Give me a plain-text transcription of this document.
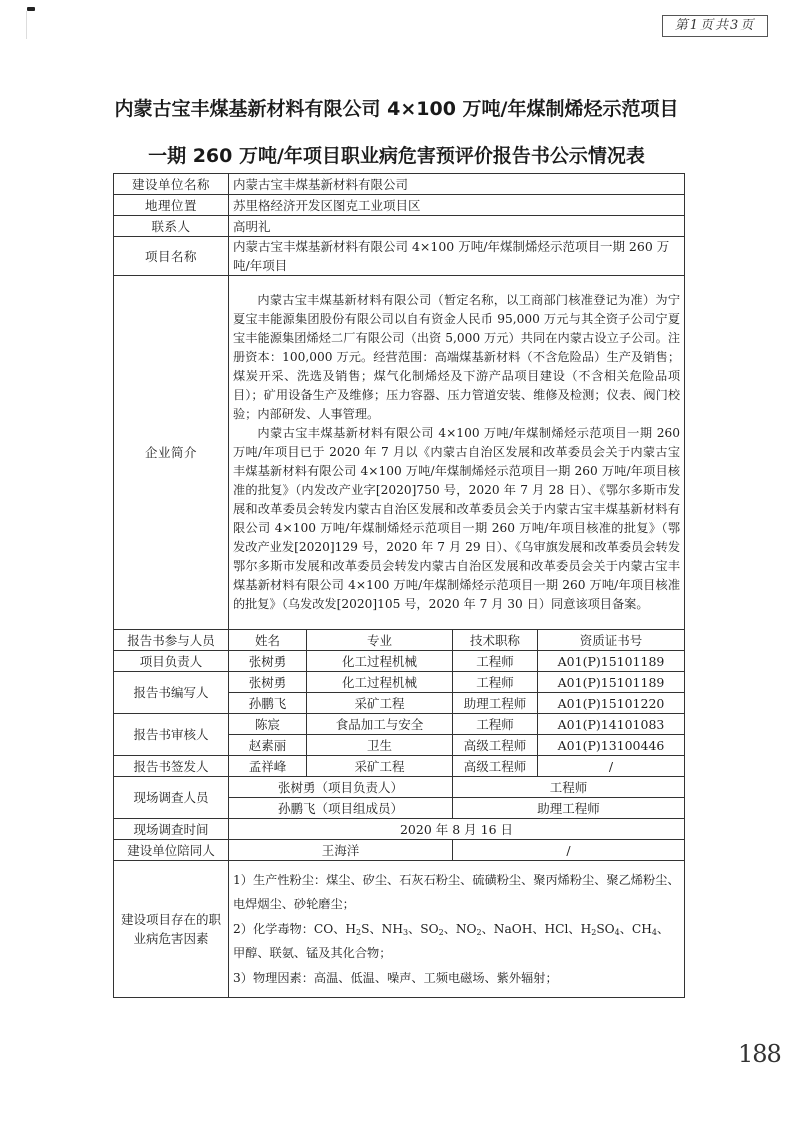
第1页共3页
内蒙古宝丰煤基新材料有限公司 4×100 万吨/年煤制烯烃示范项目
一期 260 万吨/年项目职业病危害预评价报告书公示情况表
建设单位名称	内蒙古宝丰煤基新材料有限公司			
地理位置	苏里格经济开发区图克工业项目区			
联系人	高明礼			
项目名称	内蒙古宝丰煤基新材料有限公司 4×100 万吨/年煤制烯烃示范项目一期 260 万吨/年项目			
企业简介	内蒙古宝丰煤基新材料有限公司（暂定名称，以工商部门核准登记为准）为宁夏宝丰能源集团股份有限公司以自有资金人民币 95,000 万元与其全资子公司宁夏宝丰能源集团烯烃二厂有限公司（出资 5,000 万元）共同在内蒙古设立子公司。注册资本：100,000 万元。经营范围：高端煤基新材料（不含危险品）生产及销售；煤炭开采、洗选及销售；煤气化制烯烃及下游产品项目建设（不含相关危险品项目）；矿用设备生产及维修；压力容器、压力管道安装、维修及检测；仪表、阀门校验；内部研发、人事管理。

内蒙古宝丰煤基新材料有限公司 4×100 万吨/年煤制烯烃示范项目一期 260 万吨/年项目已于 2020 年 7 月以《内蒙古自治区发展和改革委员会关于内蒙古宝丰煤基新材料有限公司 4×100 万吨/年煤制烯烃示范项目一期 260 万吨/年项目核准的批复》（内发改产业字[2020]750 号，2020 年 7 月 28 日）、《鄂尔多斯市发展和改革委员会转发内蒙古自治区发展和改革委员会关于内蒙古宝丰煤基新材料有限公司 4×100 万吨/年煤制烯烃示范项目一期 260 万吨/年项目核准的批复》（鄂发改产业发[2020]129 号，2020 年 7 月 29 日）、《乌审旗发展和改革委员会转发鄂尔多斯市发展和改革委员会转发内蒙古自治区发展和改革委员会关于内蒙古宝丰煤基新材料有限公司 4×100 万吨/年煤制烯烃示范项目一期 260 万吨/年项目核准的批复》（乌发改发[2020]105 号，2020 年 7 月 30 日）同意该项目备案。			

报告书参与人员	姓名	专业	技术职称	资质证书号
项目负责人	张树勇	化工过程机械	工程师	A01(P)15101189
报告书编写人	张树勇	化工过程机械	工程师	A01(P)15101189
	孙鹏飞	采矿工程	助理工程师	A01(P)15101220
报告书审核人	陈宸	食品加工与安全	工程师	A01(P)14101083
	赵素丽	卫生	高级工程师	A01(P)13100446
报告书签发人	孟祥峰	采矿工程	高级工程师	/
现场调查人员	张树勇（项目负责人）		工程师	
	孙鹏飞（项目组成员）		助理工程师	
现场调查时间	2020 年 8 月 16 日			
建设单位陪同人	王海洋		/	
建设项目存在的职业病危害因素	1）生产性粉尘：煤尘、矽尘、石灰石粉尘、硫磺粉尘、聚丙烯粉尘、聚乙烯粉尘、电焊烟尘、砂轮磨尘；
2）化学毒物：CO、$H_2S$、$NH_3$、$SO_2$、$NO_2$、NaOH、HCl、$H_2SO_4$、$CH_4$、甲醇、联氨、锰及其化合物；
3）物理因素：高温、低温、噪声、工频电磁场、紫外辐射；			
188
